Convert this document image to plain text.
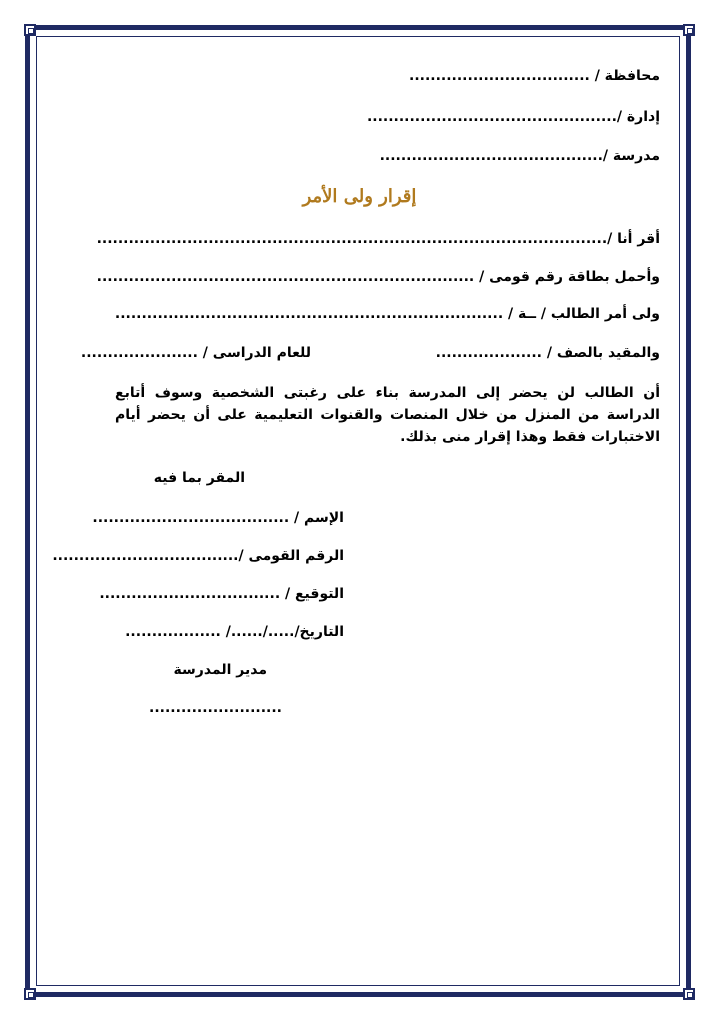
محافظة / ..................................
إدارة /...............................................
مدرسة /..........................................
إقرار ولى الأمر
أقر أنا /................................................................................................
وأحمل بطاقة رقم قومى / .......................................................................
ولى أمر الطالب / ــة / .........................................................................
والمقيد بالصف / ....................
للعام الدراسى / ......................
أن الطالب لن يحضر إلى المدرسة بناء على رغبتى الشخصية وسوف أتابع الدراسة من المنزل من خلال المنصات والقنوات التعليمية على أن يحضر أيام الاختبارات فقط وهذا إقرار منى بذلك.
المقر بما فيه
الإسم / .....................................
الرقم القومى /...................................
التوقيع / ..................................
التاريخ/...../....../ ..................
مدير المدرسة
.........................
